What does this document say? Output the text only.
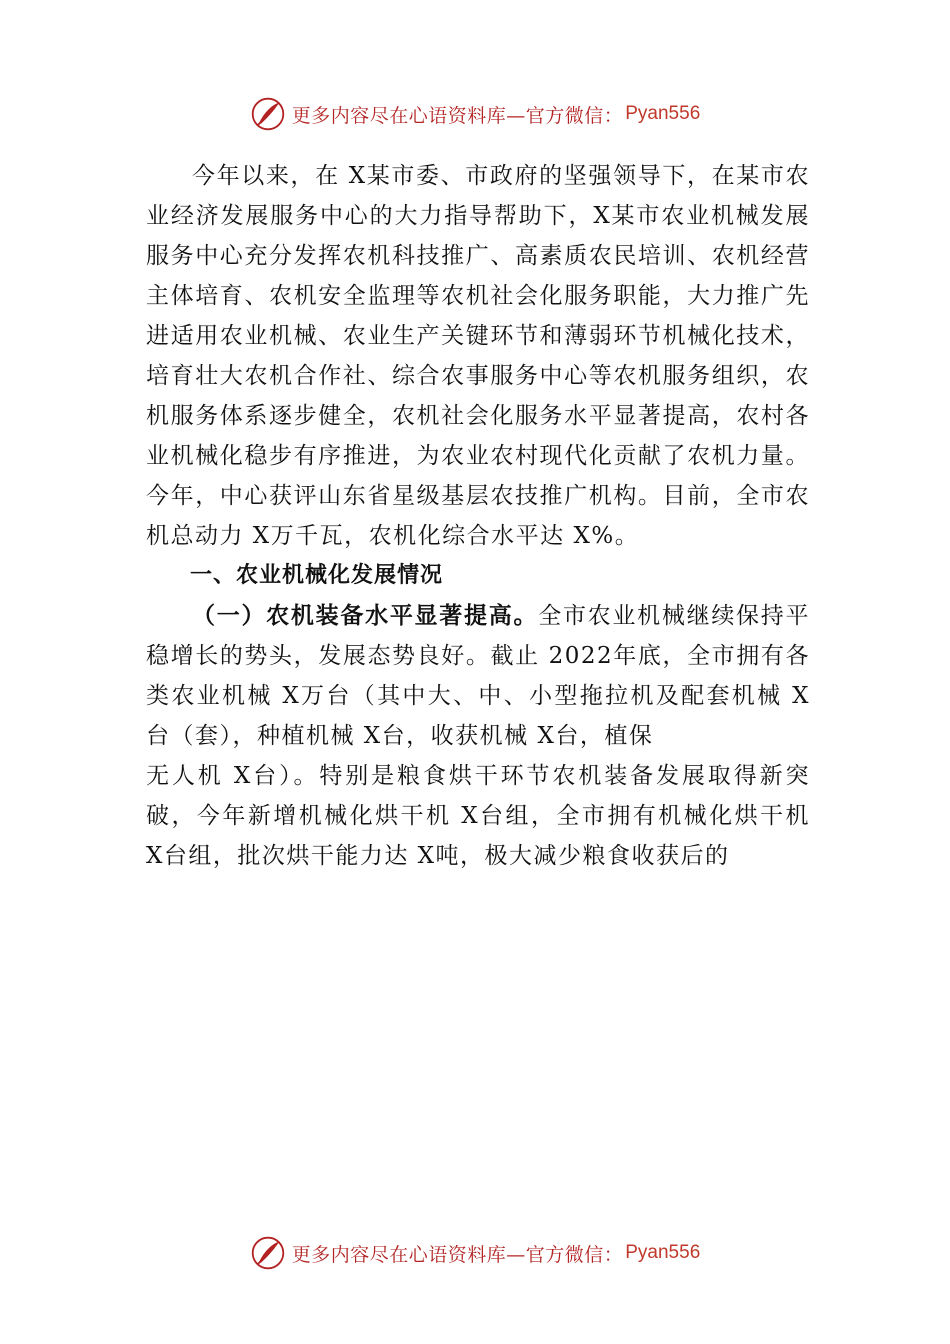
更多内容尽在心语资料库—官方微信： Pyan556

今年以来，在 X某市委、市政府的坚强领导下，在某市农业经济发展服务中心的大力指导帮助下，X某市农业机械发展服务中心充分发挥农机科技推广、高素质农民培训、农机经营主体培育、农机安全监理等农机社会化服务职能，大力推广先进适用农业机械、农业生产关键环节和薄弱环节机械化技术，培育壮大农机合作社、综合农事服务中心等农机服务组织，农机服务体系逐步健全，农机社会化服务水平显著提高，农村各业机械化稳步有序推进，为农业农村现代化贡献了农机力量。今年，中心获评山东省星级基层农技推广机构。目前，全市农机总动力 X万千瓦，农机化综合水平达 X%。

一、农业机械化发展情况

（一）农机装备水平显著提高。全市农业机械继续保持平稳增长的势头，发展态势良好。截止 2022年底，全市拥有各类农业机械 X万台（其中大、中、小型拖拉机及配套机械 X台（套），种植机械 X台，收获机械 X台，植保

无人机 X台）。特别是粮食烘干环节农机装备发展取得新突破，今年新增机械化烘干机 X台组，全市拥有机械化烘干机 X台组，批次烘干能力达 X吨，极大减少粮食收获后的

更多内容尽在心语资料库—官方微信： Pyan556
